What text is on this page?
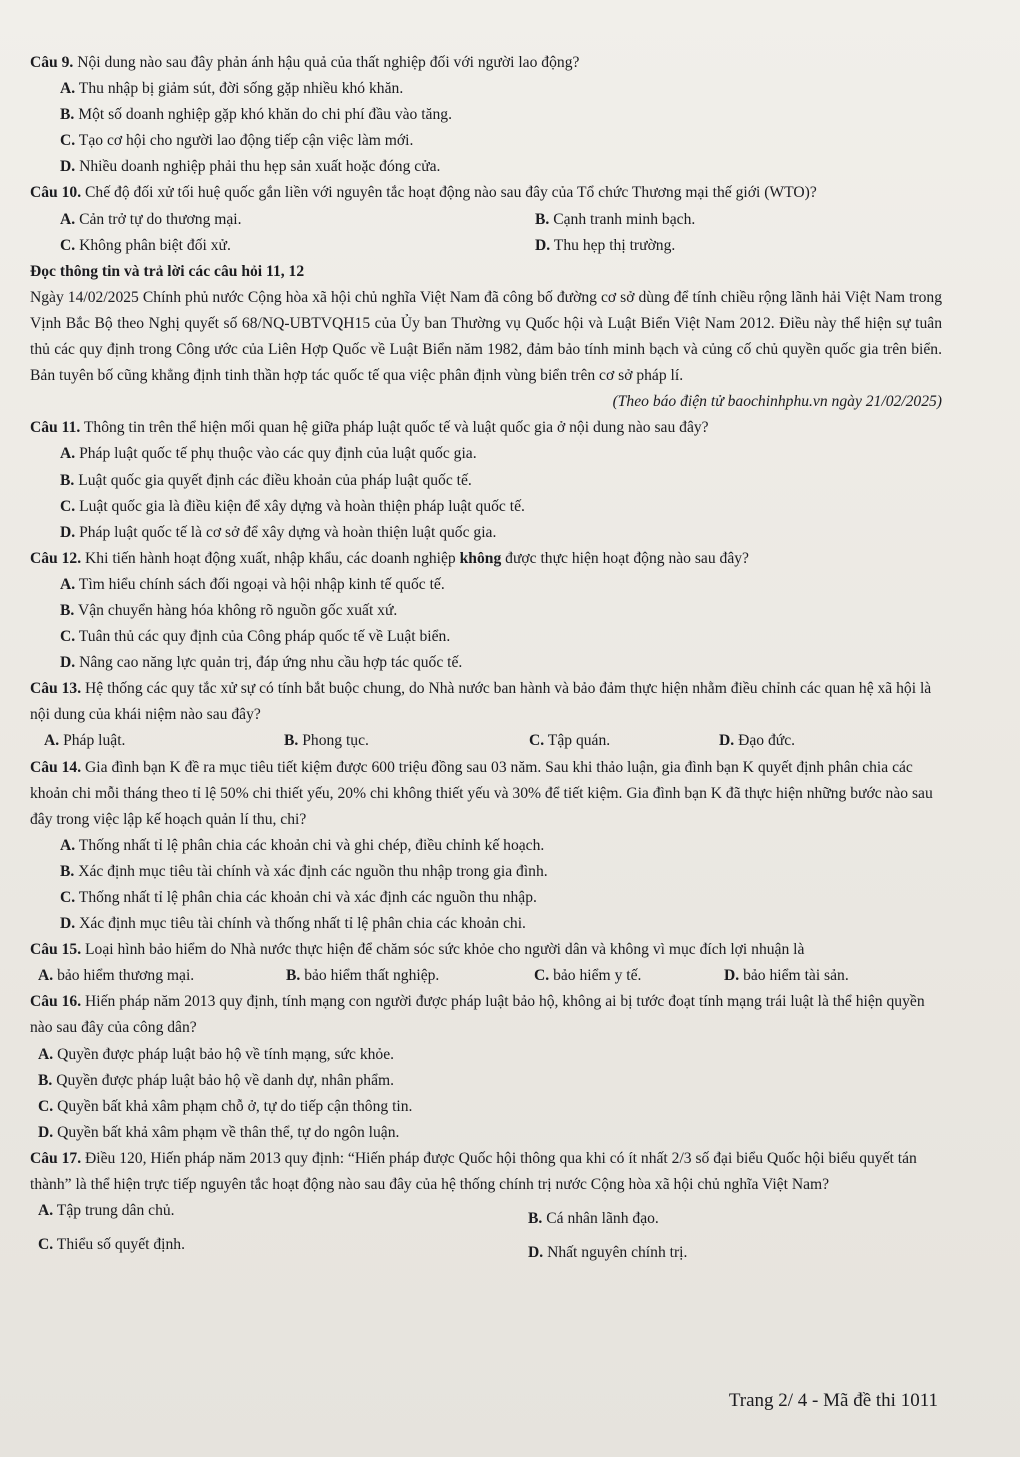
Câu 9. Nội dung nào sau đây phản ánh hậu quả của thất nghiệp đối với người lao động?

A. Thu nhập bị giảm sút, đời sống gặp nhiều khó khăn.

B. Một số doanh nghiệp gặp khó khăn do chi phí đầu vào tăng.

C. Tạo cơ hội cho người lao động tiếp cận việc làm mới.

D. Nhiều doanh nghiệp phải thu hẹp sản xuất hoặc đóng cửa.

Câu 10. Chế độ đối xử tối huệ quốc gắn liền với nguyên tắc hoạt động nào sau đây của Tổ chức Thương mại thế giới (WTO)?

A. Cản trở tự do thương mại.	B. Cạnh tranh minh bạch.
C. Không phân biệt đối xử.	D. Thu hẹp thị trường.

Đọc thông tin và trả lời các câu hỏi 11, 12

Ngày 14/02/2025 Chính phủ nước Cộng hòa xã hội chủ nghĩa Việt Nam đã công bố đường cơ sở dùng để tính chiều rộng lãnh hải Việt Nam trong Vịnh Bắc Bộ theo Nghị quyết số 68/NQ-UBTVQH15 của Ủy ban Thường vụ Quốc hội và Luật Biển Việt Nam 2012. Điều này thể hiện sự tuân thủ các quy định trong Công ước của Liên Hợp Quốc về Luật Biển năm 1982, đảm bảo tính minh bạch và củng cố chủ quyền quốc gia trên biển. Bản tuyên bố cũng khẳng định tinh thần hợp tác quốc tế qua việc phân định vùng biển trên cơ sở pháp lí.

(Theo báo điện tử baochinhphu.vn ngày 21/02/2025)

Câu 11. Thông tin trên thể hiện mối quan hệ giữa pháp luật quốc tế và luật quốc gia ở nội dung nào sau đây?

A. Pháp luật quốc tế phụ thuộc vào các quy định của luật quốc gia.

B. Luật quốc gia quyết định các điều khoản của pháp luật quốc tế.

C. Luật quốc gia là điều kiện để xây dựng và hoàn thiện pháp luật quốc tế.

D. Pháp luật quốc tế là cơ sở để xây dựng và hoàn thiện luật quốc gia.

Câu 12. Khi tiến hành hoạt động xuất, nhập khẩu, các doanh nghiệp không được thực hiện hoạt động nào sau đây?

A. Tìm hiểu chính sách đối ngoại và hội nhập kinh tế quốc tế.

B. Vận chuyển hàng hóa không rõ nguồn gốc xuất xứ.

C. Tuân thủ các quy định của Công pháp quốc tế về Luật biển.

D. Nâng cao năng lực quản trị, đáp ứng nhu cầu hợp tác quốc tế.

Câu 13. Hệ thống các quy tắc xử sự có tính bắt buộc chung, do Nhà nước ban hành và bảo đảm thực hiện nhằm điều chỉnh các quan hệ xã hội là nội dung của khái niệm nào sau đây?

A. Pháp luật.	B. Phong tục.	C. Tập quán.	D. Đạo đức.

Câu 14. Gia đình bạn K đề ra mục tiêu tiết kiệm được 600 triệu đồng sau 03 năm. Sau khi thảo luận, gia đình bạn K quyết định phân chia các khoản chi mỗi tháng theo tỉ lệ 50% chi thiết yếu, 20% chi không thiết yếu và 30% để tiết kiệm. Gia đình bạn K đã thực hiện những bước nào sau đây trong việc lập kế hoạch quản lí thu, chi?

A. Thống nhất tỉ lệ phân chia các khoản chi và ghi chép, điều chỉnh kế hoạch.

B. Xác định mục tiêu tài chính và xác định các nguồn thu nhập trong gia đình.

C. Thống nhất tỉ lệ phân chia các khoản chi và xác định các nguồn thu nhập.

D. Xác định mục tiêu tài chính và thống nhất tỉ lệ phân chia các khoản chi.

Câu 15. Loại hình bảo hiểm do Nhà nước thực hiện để chăm sóc sức khỏe cho người dân và không vì mục đích lợi nhuận là

A. bảo hiểm thương mại.	B. bảo hiểm thất nghiệp.	C. bảo hiểm y tế.	D. bảo hiểm tài sản.

Câu 16. Hiến pháp năm 2013 quy định, tính mạng con người được pháp luật bảo hộ, không ai bị tước đoạt tính mạng trái luật là thể hiện quyền nào sau đây của công dân?

A. Quyền được pháp luật bảo hộ về tính mạng, sức khỏe.

B. Quyền được pháp luật bảo hộ về danh dự, nhân phẩm.

C. Quyền bất khả xâm phạm chỗ ở, tự do tiếp cận thông tin.

D. Quyền bất khả xâm phạm về thân thể, tự do ngôn luận.

Câu 17. Điều 120, Hiến pháp năm 2013 quy định: “Hiến pháp được Quốc hội thông qua khi có ít nhất 2/3 số đại biểu Quốc hội biểu quyết tán thành” là thể hiện trực tiếp nguyên tắc hoạt động nào sau đây của hệ thống chính trị nước Cộng hòa xã hội chủ nghĩa Việt Nam?

A. Tập trung dân chủ.	B. Cá nhân lãnh đạo.
C. Thiểu số quyết định.	D. Nhất nguyên chính trị.
Trang 2/ 4 - Mã đề thi 1011
